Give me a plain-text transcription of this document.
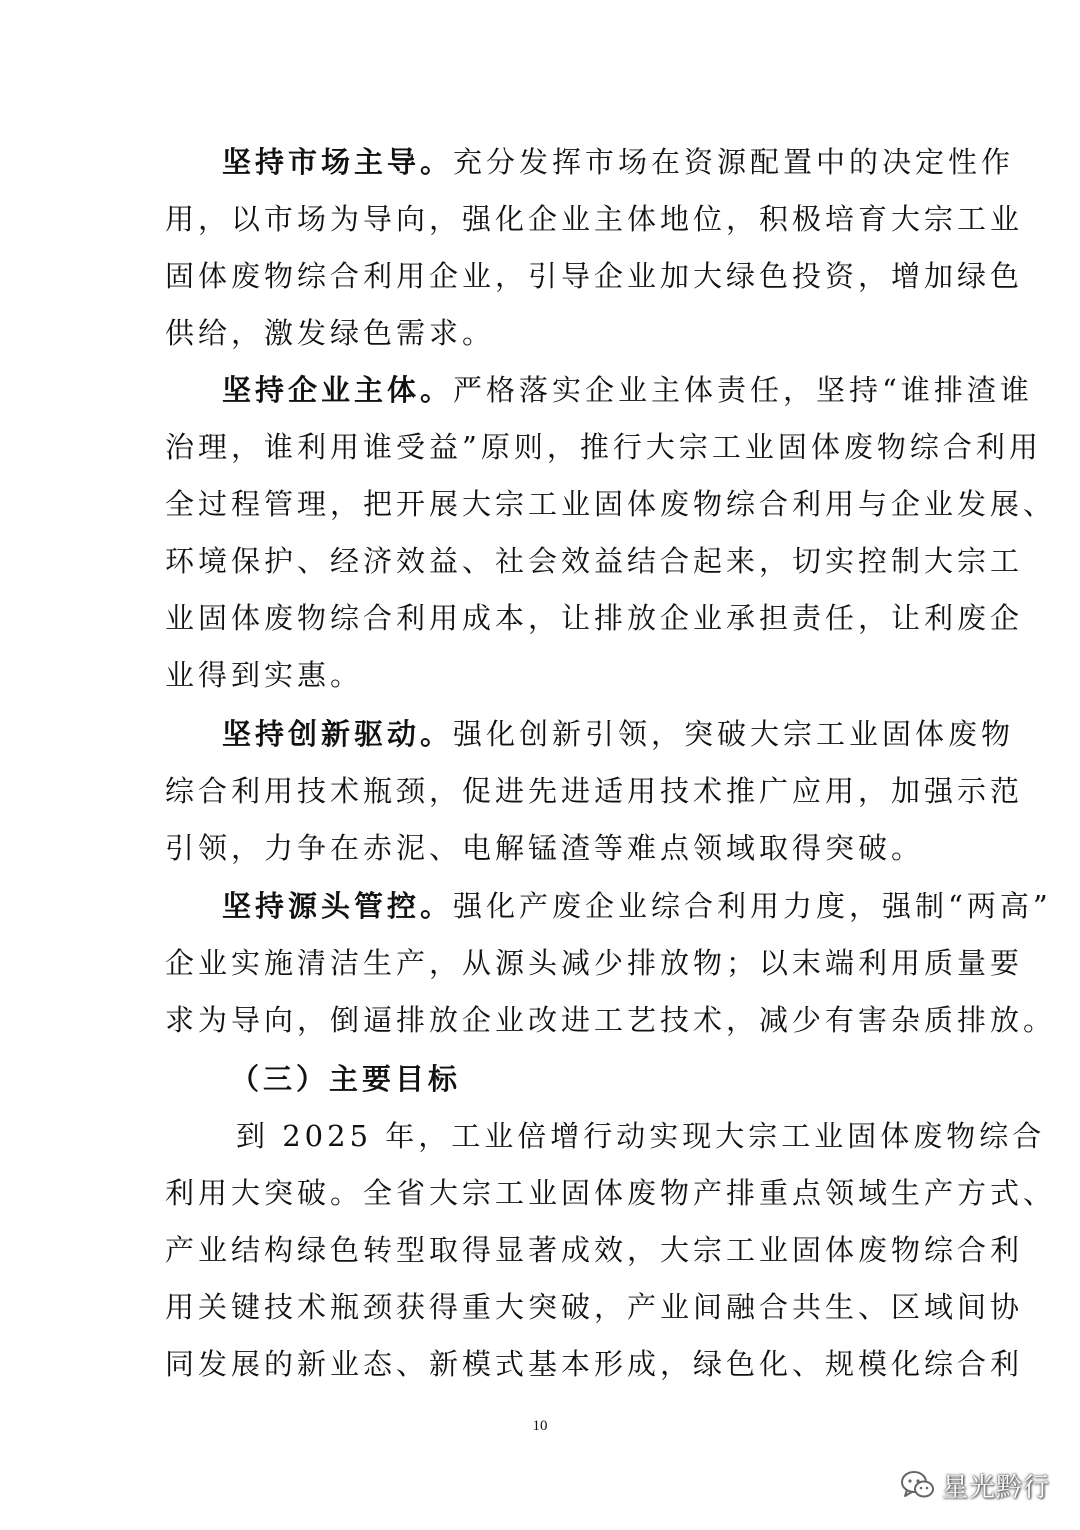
坚持市场主导。充分发挥市场在资源配置中的决定性作
用，以市场为导向，强化企业主体地位，积极培育大宗工业
固体废物综合利用企业，引导企业加大绿色投资，增加绿色
供给，激发绿色需求。
坚持企业主体。严格落实企业主体责任，坚持“谁排渣谁
治理，谁利用谁受益”原则，推行大宗工业固体废物综合利用
全过程管理，把开展大宗工业固体废物综合利用与企业发展、
环境保护、经济效益、社会效益结合起来，切实控制大宗工
业固体废物综合利用成本，让排放企业承担责任，让利废企
业得到实惠。
坚持创新驱动。强化创新引领，突破大宗工业固体废物
综合利用技术瓶颈，促进先进适用技术推广应用，加强示范
引领，力争在赤泥、电解锰渣等难点领域取得突破。
坚持源头管控。强化产废企业综合利用力度，强制“两高”
企业实施清洁生产，从源头减少排放物；以末端利用质量要
求为导向，倒逼排放企业改进工艺技术，减少有害杂质排放。
（三）主要目标
到 2025 年，工业倍增行动实现大宗工业固体废物综合
利用大突破。全省大宗工业固体废物产排重点领域生产方式、
产业结构绿色转型取得显著成效，大宗工业固体废物综合利
用关键技术瓶颈获得重大突破，产业间融合共生、区域间协
同发展的新业态、新模式基本形成，绿色化、规模化综合利
10
星光黔行
